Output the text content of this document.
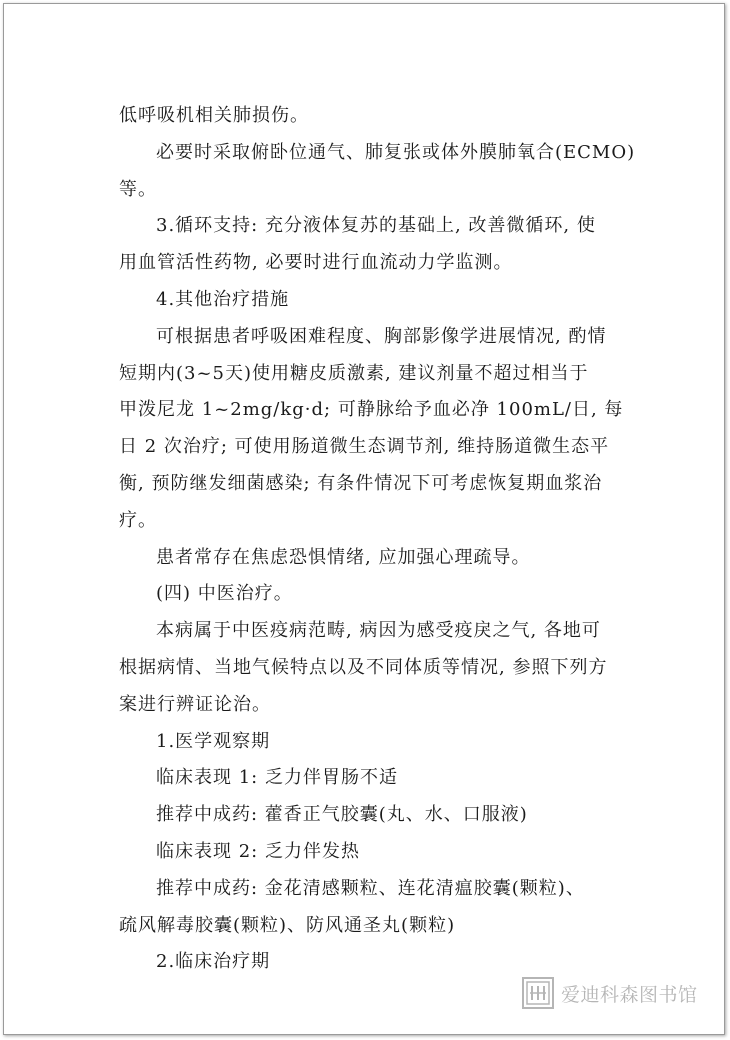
低呼吸机相关肺损伤。
必要时采取俯卧位通气、肺复张或体外膜肺氧合(ECMO)
等。
3.循环支持: 充分液体复苏的基础上, 改善微循环, 使
用血管活性药物, 必要时进行血流动力学监测。
4.其他治疗措施
可根据患者呼吸困难程度、胸部影像学进展情况, 酌情
短期内(3~5天)使用糖皮质激素, 建议剂量不超过相当于
甲泼尼龙 1~2mg/kg·d; 可静脉给予血必净 100mL/日, 每
日 2 次治疗; 可使用肠道微生态调节剂, 维持肠道微生态平
衡, 预防继发细菌感染; 有条件情况下可考虑恢复期血浆治
疗。
患者常存在焦虑恐惧情绪, 应加强心理疏导。
(四) 中医治疗。
本病属于中医疫病范畴, 病因为感受疫戾之气, 各地可
根据病情、当地气候特点以及不同体质等情况, 参照下列方
案进行辨证论治。
1.医学观察期
临床表现 1: 乏力伴胃肠不适
推荐中成药: 藿香正气胶囊(丸、水、口服液)
临床表现 2: 乏力伴发热
推荐中成药: 金花清感颗粒、连花清瘟胶囊(颗粒)、
疏风解毒胶囊(颗粒)、防风通圣丸(颗粒)
2.临床治疗期
爱迪科森图书馆
